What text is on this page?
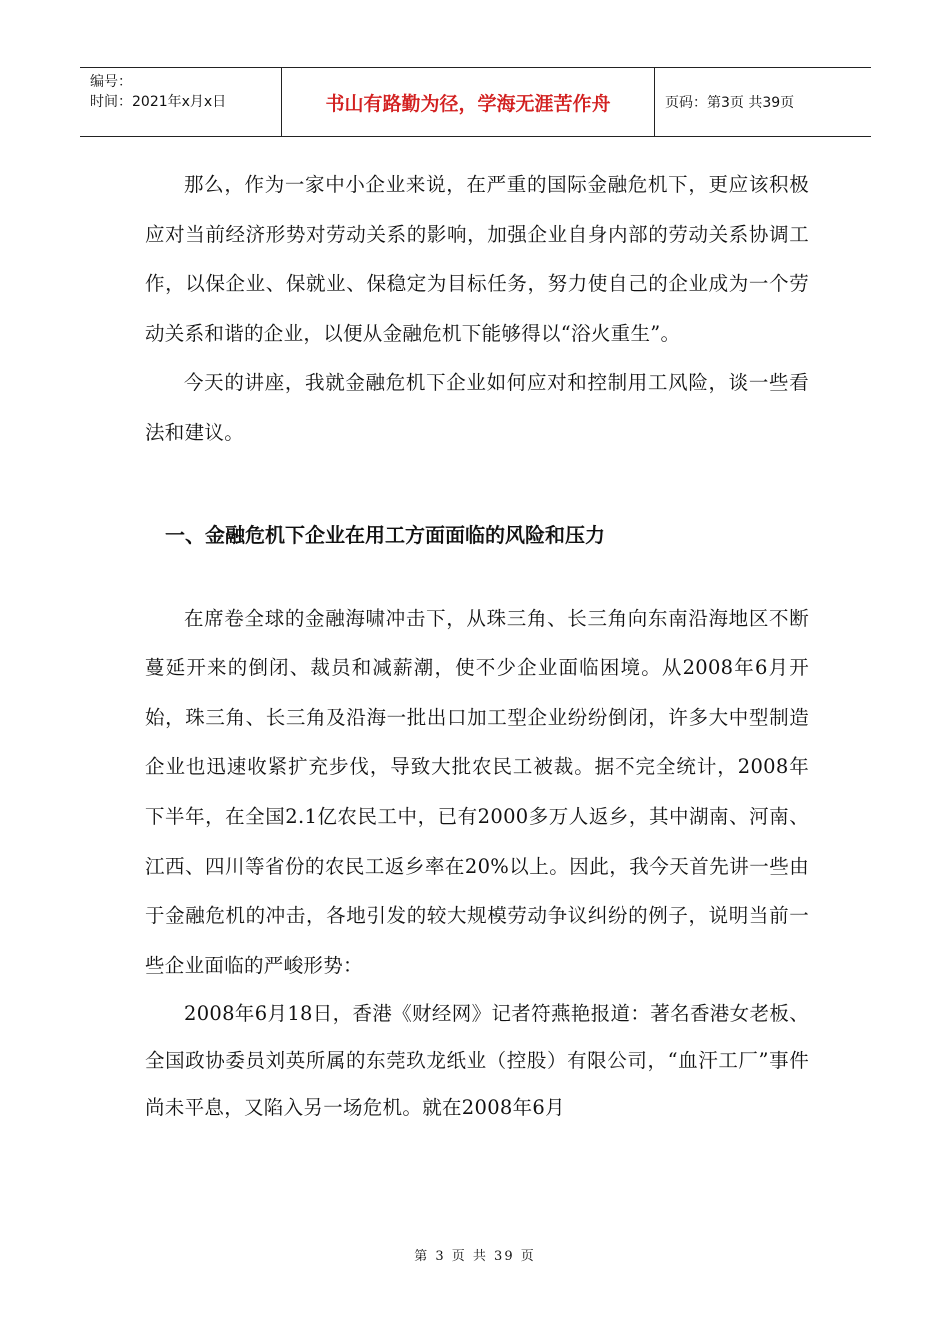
编号：
时间：2021年x月x日	书山有路勤为径，学海无涯苦作舟	页码：第3页 共39页

那么，作为一家中小企业来说，在严重的国际金融危机下，更应该积极应对当前经济形势对劳动关系的影响，加强企业自身内部的劳动关系协调工作，以保企业、保就业、保稳定为目标任务，努力使自己的企业成为一个劳动关系和谐的企业，以便从金融危机下能够得以“浴火重生”。

今天的讲座，我就金融危机下企业如何应对和控制用工风险，谈一些看法和建议。

一、金融危机下企业在用工方面面临的风险和压力

在席卷全球的金融海啸冲击下，从珠三角、长三角向东南沿海地区不断蔓延开来的倒闭、裁员和减薪潮，使不少企业面临困境。从2008年6月开始，珠三角、长三角及沿海一批出口加工型企业纷纷倒闭，许多大中型制造企业也迅速收紧扩充步伐，导致大批农民工被裁。据不完全统计，2008年下半年，在全国2.1亿农民工中，已有2000多万人返乡，其中湖南、河南、江西、四川等省份的农民工返乡率在20%以上。因此，我今天首先讲一些由于金融危机的冲击，各地引发的较大规模劳动争议纠纷的例子，说明当前一些企业面临的严峻形势：

2008年6月18日，香港《财经网》记者符燕艳报道：著名香港女老板、全国政协委员刘英所属的东莞玖龙纸业（控股）有限公司，“血汗工厂”事件尚未平息，又陷入另一场危机。就在2008年6月

第 3 页 共 39 页
